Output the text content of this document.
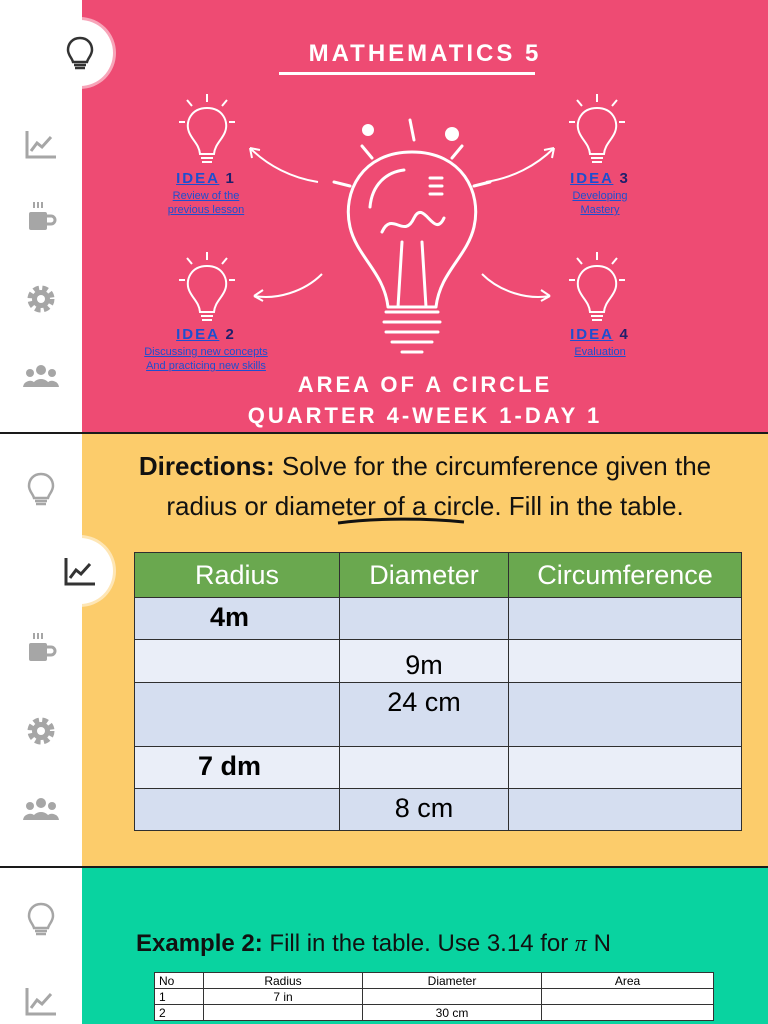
MATHEMATICS 5
IDEA 1
Review of the
previous lesson
IDEA 3
Developing
Mastery
IDEA 2
Discussing new concepts
And practicing new skills
IDEA 4
Evaluation
AREA OF A CIRCLE
QUARTER 4-WEEK 1-DAY 1
Directions: Solve for the circumference given the
radius or diameter of a circle. Fill in the table.
Radius	Diameter	Circumference
4m		
	9m	
	24 cm	
7 dm		
	8 cm	
Example 2: Fill in the table. Use 3.14 for π N
No	Radius	Diameter	Area
1	7 in		
2		30 cm	
